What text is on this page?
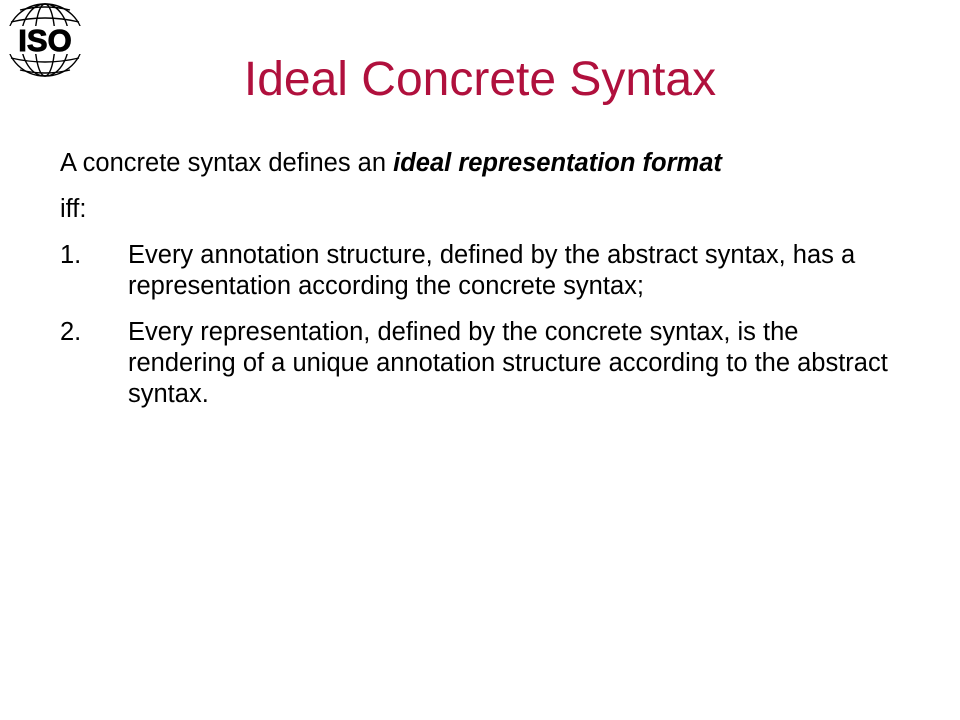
ISO
Ideal Concrete Syntax

A concrete syntax defines an ideal representation format

iff:

1.	Every annotation structure, defined by the abstract syntax, has a representation according the concrete syntax;
2.	Every representation, defined by the concrete syntax, is the rendering of a unique annotation structure according to the abstract syntax.
